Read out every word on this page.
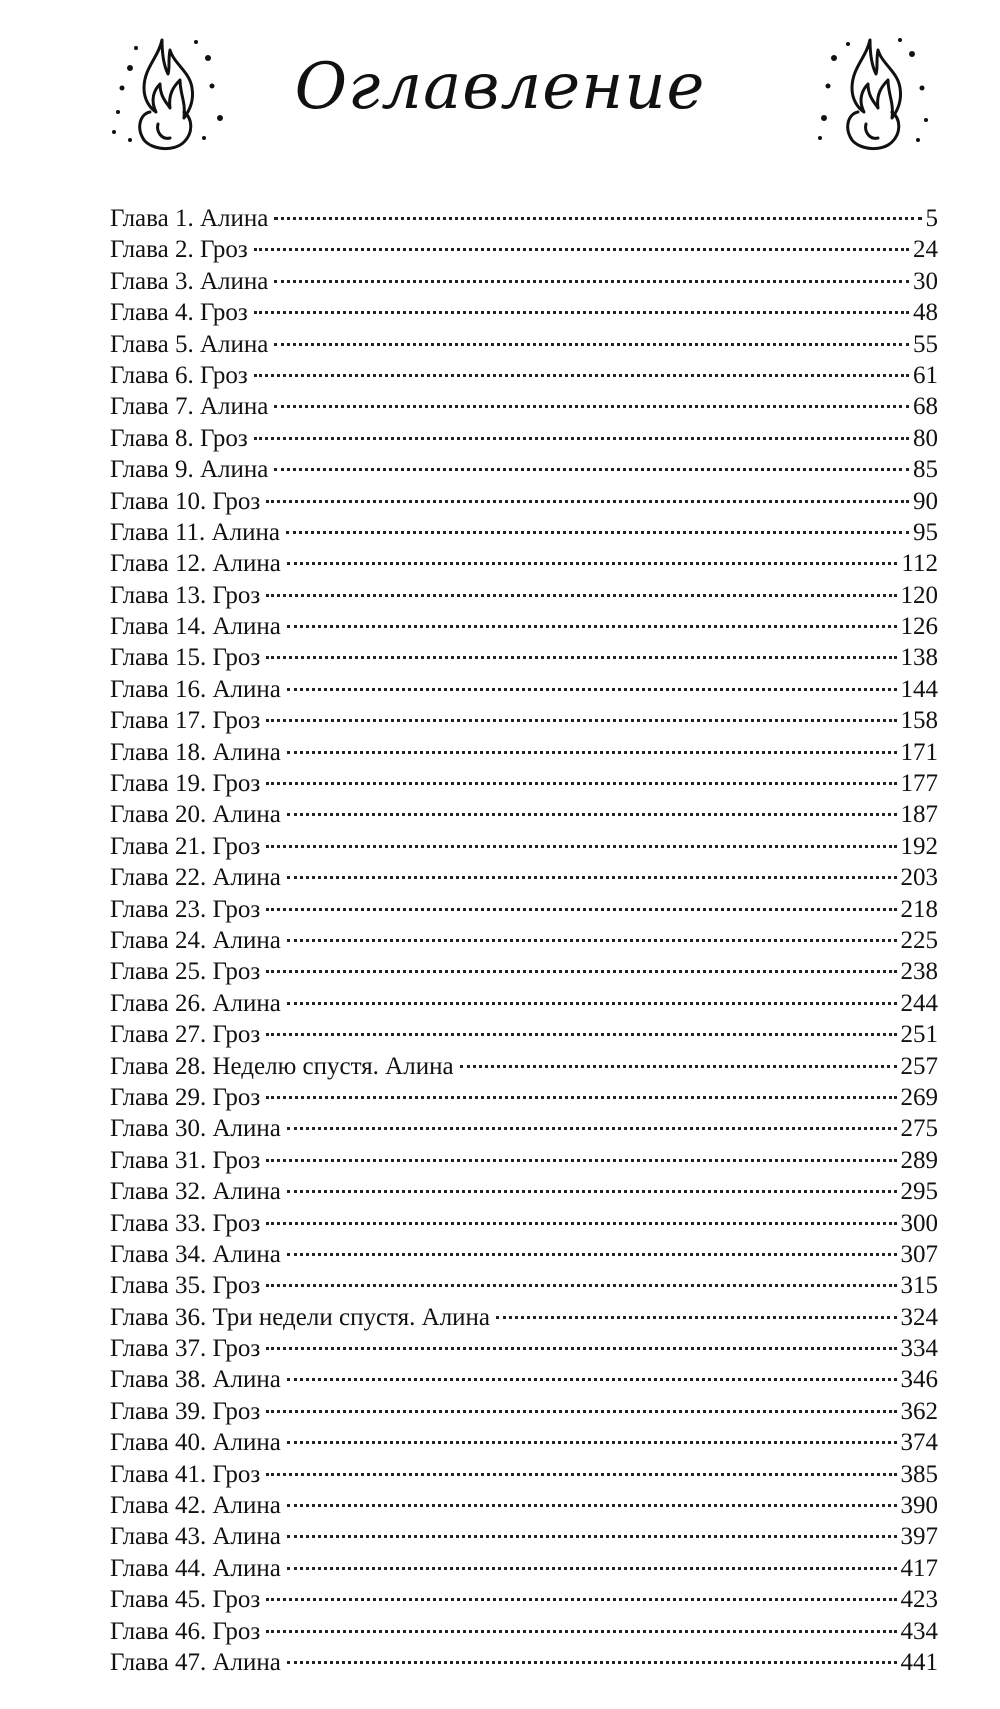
Оглавление
Глава 1. Алина	5
Глава 2. Гроз	24
Глава 3. Алина	30
Глава 4. Гроз	48
Глава 5. Алина	55
Глава 6. Гроз	61
Глава 7. Алина	68
Глава 8. Гроз	80
Глава 9. Алина	85
Глава 10. Гроз	90
Глава 11. Алина	95
Глава 12. Алина	112
Глава 13. Гроз	120
Глава 14. Алина	126
Глава 15. Гроз	138
Глава 16. Алина	144
Глава 17. Гроз	158
Глава 18. Алина	171
Глава 19. Гроз	177
Глава 20. Алина	187
Глава 21. Гроз	192
Глава 22. Алина	203
Глава 23. Гроз	218
Глава 24. Алина	225
Глава 25. Гроз	238
Глава 26. Алина	244
Глава 27. Гроз	251
Глава 28. Неделю спустя. Алина	257
Глава 29. Гроз	269
Глава 30. Алина	275
Глава 31. Гроз	289
Глава 32. Алина	295
Глава 33. Гроз	300
Глава 34. Алина	307
Глава 35. Гроз	315
Глава 36. Три недели спустя. Алина	324
Глава 37. Гроз	334
Глава 38. Алина	346
Глава 39. Гроз	362
Глава 40. Алина	374
Глава 41. Гроз	385
Глава 42. Алина	390
Глава 43. Алина	397
Глава 44. Алина	417
Глава 45. Гроз	423
Глава 46. Гроз	434
Глава 47. Алина	441
